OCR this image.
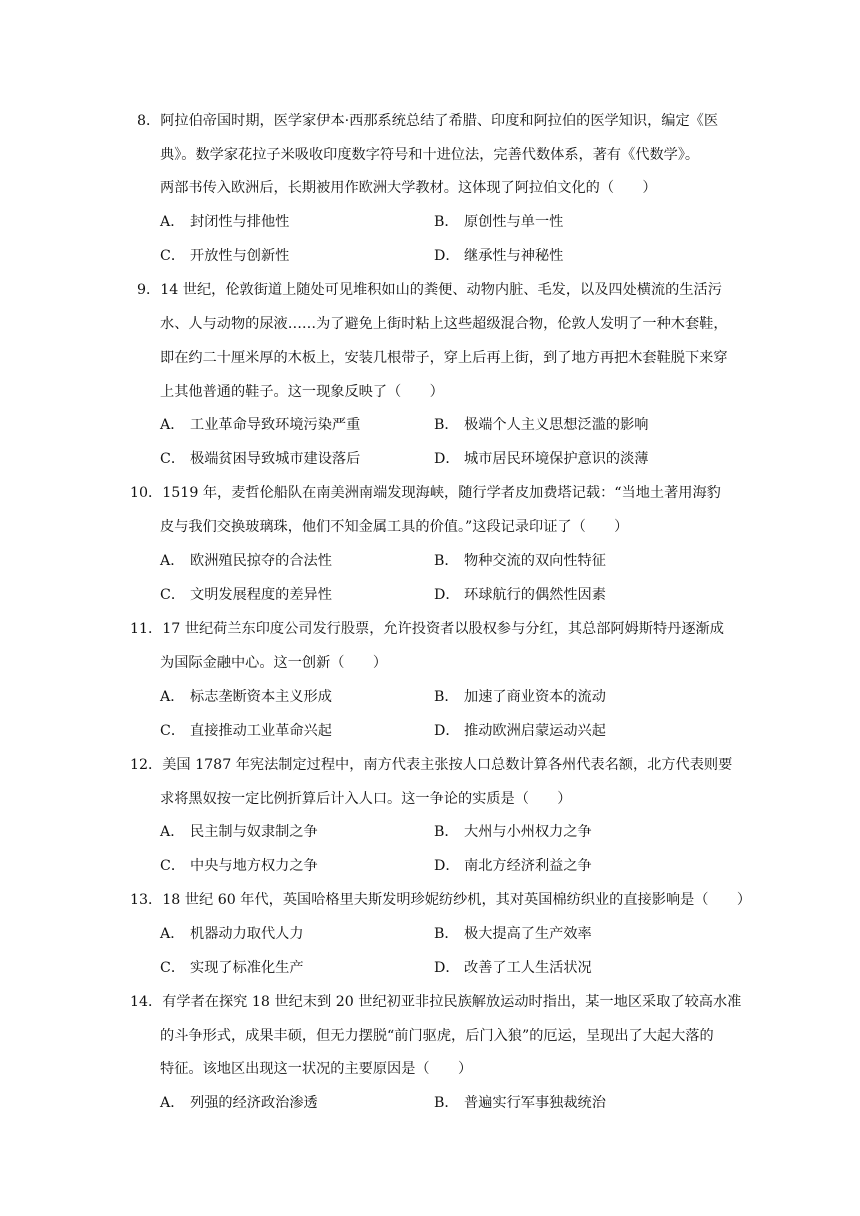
8．阿拉伯帝国时期，医学家伊本·西那系统总结了希腊、印度和阿拉伯的医学知识，编定《医
典》。数学家花拉子米吸收印度数字符号和十进位法，完善代数体系，著有《代数学》。
两部书传入欧洲后，长期被用作欧洲大学教材。这体现了阿拉伯文化的（　　）
A． 封闭性与排他性	B． 原创性与单一性
C． 开放性与创新性	D． 继承性与神秘性
9．14 世纪，伦敦街道上随处可见堆积如山的粪便、动物内脏、毛发，以及四处横流的生活污
水、人与动物的尿液……为了避免上街时粘上这些超级混合物，伦敦人发明了一种木套鞋，
即在约二十厘米厚的木板上，安装几根带子，穿上后再上街，到了地方再把木套鞋脱下来穿
上其他普通的鞋子。这一现象反映了（　　）
A． 工业革命导致环境污染严重	B． 极端个人主义思想泛滥的影响
C． 极端贫困导致城市建设落后	D． 城市居民环境保护意识的淡薄
10．1519 年，麦哲伦船队在南美洲南端发现海峡，随行学者皮加费塔记载：“当地土著用海豹
皮与我们交换玻璃珠，他们不知金属工具的价值。”这段记录印证了（　　）
A． 欧洲殖民掠夺的合法性	B． 物种交流的双向性特征
C． 文明发展程度的差异性	D． 环球航行的偶然性因素
11．17 世纪荷兰东印度公司发行股票，允许投资者以股权参与分红，其总部阿姆斯特丹逐渐成
为国际金融中心。这一创新（　　）
A． 标志垄断资本主义形成	B． 加速了商业资本的流动
C． 直接推动工业革命兴起	D． 推动欧洲启蒙运动兴起
12．美国 1787 年宪法制定过程中，南方代表主张按人口总数计算各州代表名额，北方代表则要
求将黑奴按一定比例折算后计入人口。这一争论的实质是（　　）
A． 民主制与奴隶制之争	B． 大州与小州权力之争
C． 中央与地方权力之争	D． 南北方经济利益之争
13．18 世纪 60 年代，英国哈格里夫斯发明珍妮纺纱机，其对英国棉纺织业的直接影响是（　　）
A． 机器动力取代人力	B． 极大提高了生产效率
C． 实现了标准化生产	D． 改善了工人生活状况
14．有学者在探究 18 世纪末到 20 世纪初亚非拉民族解放运动时指出，某一地区采取了较高水准
的斗争形式，成果丰硕，但无力摆脱“前门驱虎，后门入狼”的厄运，呈现出了大起大落的
特征。该地区出现这一状况的主要原因是（　　）
A． 列强的经济政治渗透	B． 普遍实行军事独裁统治
